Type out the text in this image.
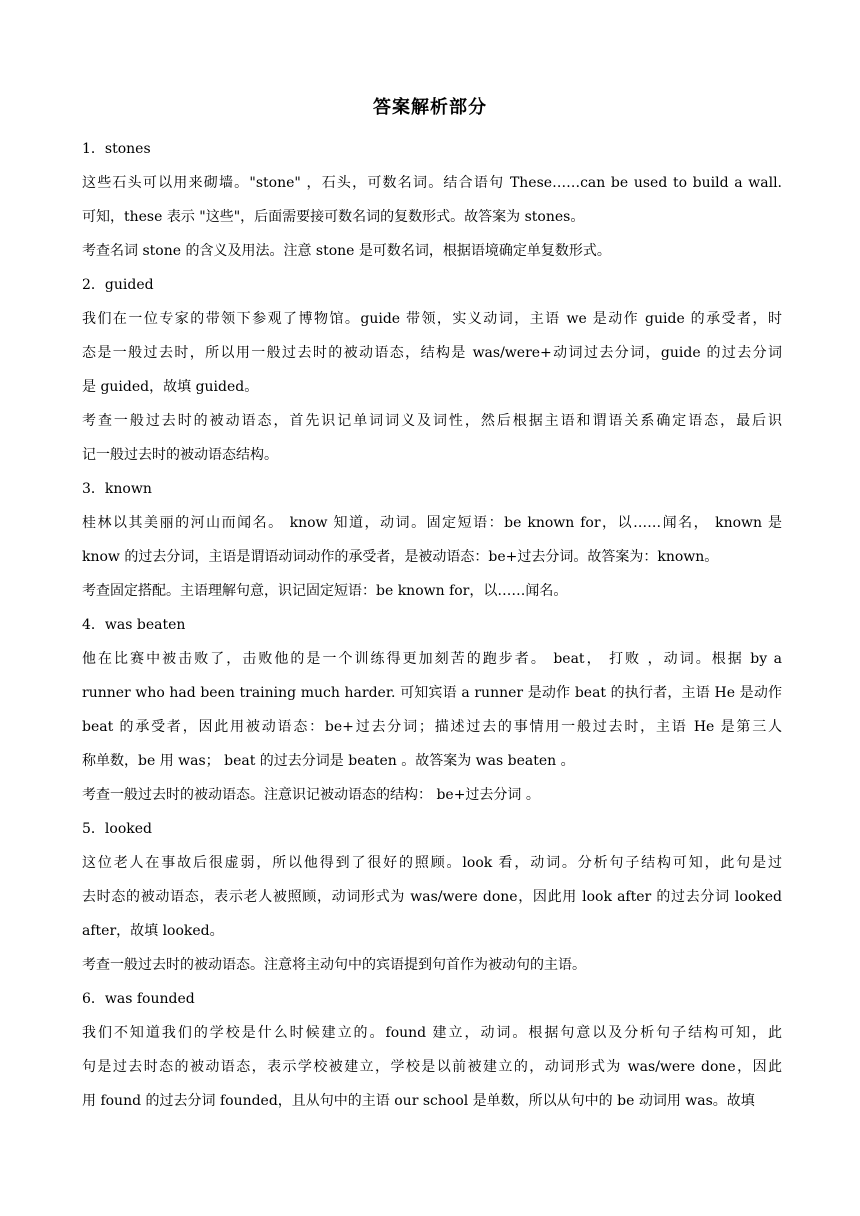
答案解析部分
1．stones
这些石头可以用来砌墙。"stone" ，石头，可数名词。结合语句 These……can be used to build a wall.
可知，these 表示 "这些"，后面需要接可数名词的复数形式。故答案为 stones。
考查名词 stone 的含义及用法。注意 stone 是可数名词，根据语境确定单复数形式。
2．guided
我们在一位专家的带领下参观了博物馆。guide 带领，实义动词，主语 we 是动作 guide 的承受者，时
态是一般过去时，所以用一般过去时的被动语态，结构是 was/were+动词过去分词，guide 的过去分词
是 guided，故填 guided。
考查一般过去时的被动语态，首先识记单词词义及词性，然后根据主语和谓语关系确定语态，最后识
记一般过去时的被动语态结构。
3．known
桂林以其美丽的河山而闻名。 know 知道，动词。固定短语：be known for，以……闻名， known 是
know 的过去分词，主语是谓语动词动作的承受者，是被动语态：be+过去分词。故答案为：known。
考查固定搭配。主语理解句意，识记固定短语：be known for，以……闻名。
4．was beaten
他在比赛中被击败了，击败他的是一个训练得更加刻苦的跑步者。 beat， 打败 ，动词。根据 by a
runner who had been training much harder. 可知宾语 a runner 是动作 beat 的执行者，主语 He 是动作
beat 的承受者，因此用被动语态：be+过去分词；描述过去的事情用一般过去时，主语 He 是第三人
称单数，be 用 was； beat 的过去分词是 beaten 。故答案为 was beaten 。
考查一般过去时的被动语态。注意识记被动语态的结构： be+过去分词 。
5．looked
这位老人在事故后很虚弱，所以他得到了很好的照顾。look 看，动词。分析句子结构可知，此句是过
去时态的被动语态，表示老人被照顾，动词形式为 was/were done，因此用 look after 的过去分词 looked
after，故填 looked。
考查一般过去时的被动语态。注意将主动句中的宾语提到句首作为被动句的主语。
6．was founded
我们不知道我们的学校是什么时候建立的。found 建立，动词。根据句意以及分析句子结构可知，此
句是过去时态的被动语态，表示学校被建立，学校是以前被建立的，动词形式为 was/were done，因此
用 found 的过去分词 founded，且从句中的主语 our school 是单数，所以从句中的 be 动词用 was。故填
